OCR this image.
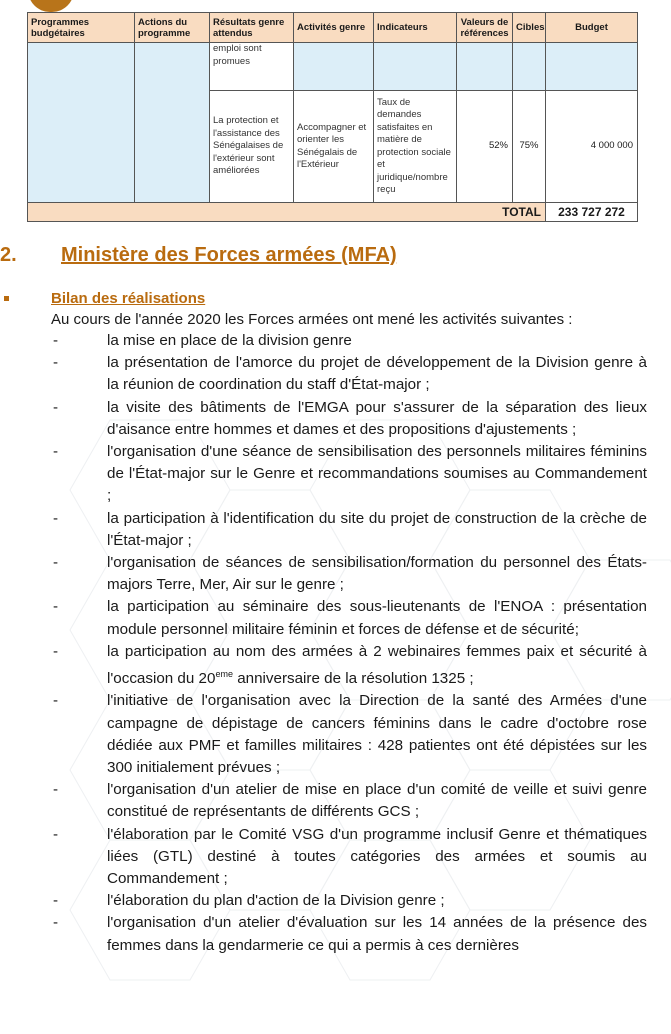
Programmes budgétaires	Actions du programme	Résultats genre attendus	Activités genre	Indicateurs	Valeurs de références	Cibles	Budget
		emploi sont promues					
		La protection et l'assistance des Sénégalaises de l'extérieur sont améliorées	Accompagner et orienter les Sénégalais de l'Extérieur	Taux de demandes satisfaites en matière de protection sociale et juridique/nombre reçu	52%	75%	4 000 000
TOTAL							233 727 272
2. Ministère des Forces armées (MFA)
Bilan des réalisations
Au cours de l'année 2020 les Forces armées ont mené les activités suivantes :
-	la mise en place de la division genre
-	la présentation de l'amorce du projet de développement de la Division genre à la réunion de coordination du staff d'État-major ;
-	la visite des bâtiments de l'EMGA pour s'assurer de la séparation des lieux d'aisance entre hommes et dames et des propositions d'ajustements ;
-	l'organisation d'une séance de sensibilisation des personnels militaires féminins de l'État-major sur le Genre et recommandations soumises au Commandement ;
-	la participation à l'identification du site du projet de construction de la crèche de l'État-major ;
-	l'organisation de séances de sensibilisation/formation du personnel des États-majors Terre, Mer, Air sur le genre ;
-	la participation au séminaire des sous-lieutenants de l'ENOA : présentation module personnel militaire féminin et forces de défense et de sécurité;
-	la participation au nom des armées à 2 webinaires femmes paix et sécurité à l'occasion du 20eme anniversaire de la résolution 1325 ;
-	l'initiative de l'organisation avec la Direction de la santé des Armées d'une campagne de dépistage de cancers féminins dans le cadre d'octobre rose dédiée aux PMF et familles militaires : 428 patientes ont été dépistées sur les 300 initialement prévues ;
-	l'organisation d'un atelier de mise en place d'un comité de veille et suivi genre constitué de représentants de différents GCS ;
-	l'élaboration par le Comité VSG d'un programme inclusif Genre et thématiques liées (GTL) destiné à toutes catégories des armées et soumis au Commandement ;
-	l'élaboration du plan d'action de la Division genre ;
-	l'organisation d'un atelier d'évaluation sur les 14 années de la présence des femmes dans la gendarmerie ce qui a permis à ces dernières
